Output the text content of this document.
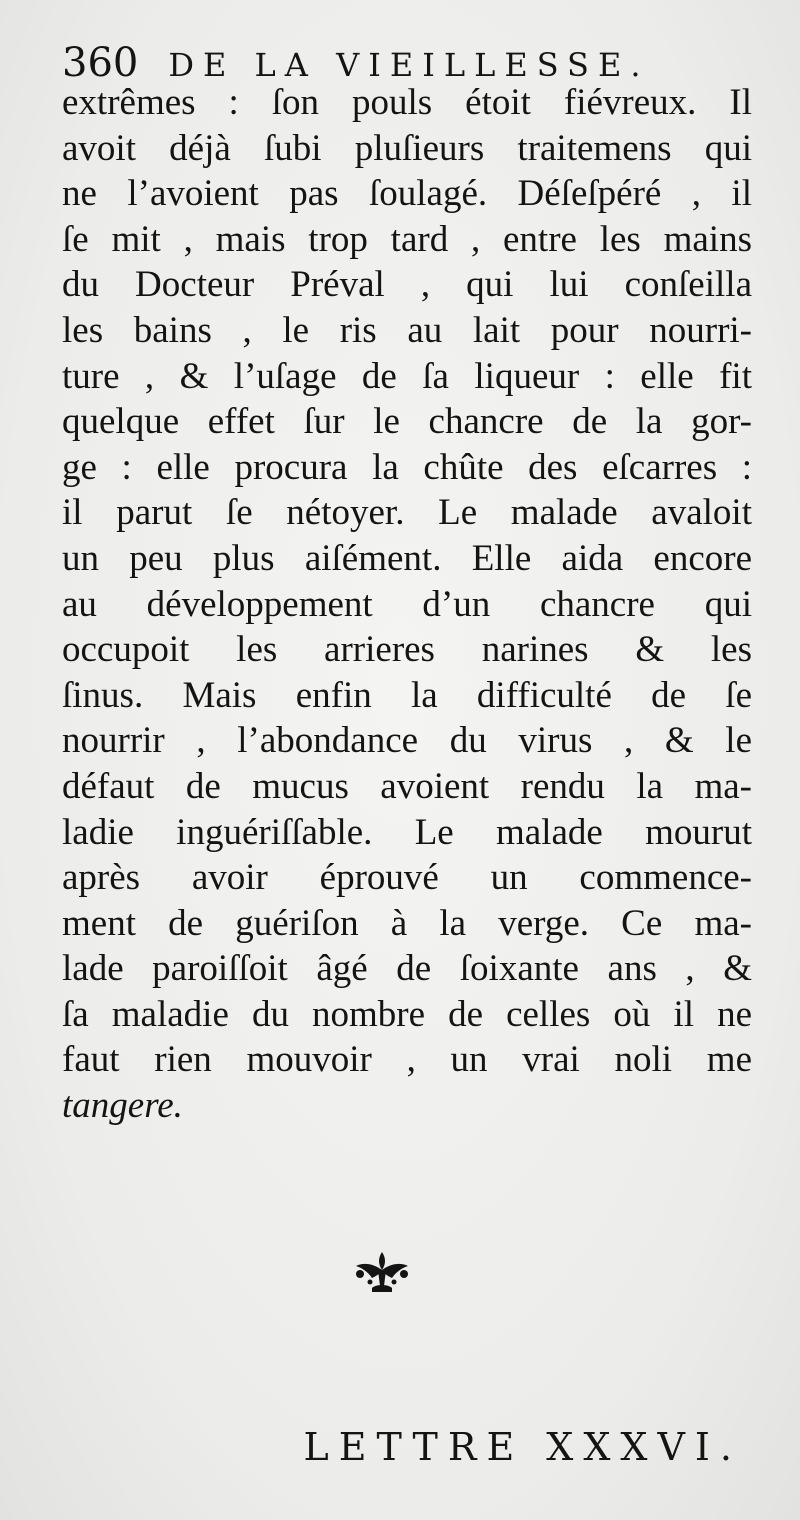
360 DE LA VIEILLESSE.
extrêmes : ſon pouls étoit fiévreux. Il
avoit déjà ſubi pluſieurs traitemens qui
ne l’avoient pas ſoulagé. Déſeſpéré , il
ſe mit , mais trop tard , entre les mains
du Docteur Préval , qui lui conſeilla
les bains , le ris au lait pour nourri-
ture , & l’uſage de ſa liqueur : elle fit
quelque effet ſur le chancre de la gor-
ge : elle procura la chûte des eſcarres :
il parut ſe nétoyer. Le malade avaloit
un peu plus aiſément. Elle aida encore
au développement d’un chancre qui
occupoit les arrieres narines & les
ſinus. Mais enfin la difficulté de ſe
nourrir , l’abondance du virus , & le
défaut de mucus avoient rendu la ma-
ladie inguériſſable. Le malade mourut
après avoir éprouvé un commence-
ment de guériſon à la verge. Ce ma-
lade paroiſſoit âgé de ſoixante ans , &
ſa maladie du nombre de celles où il ne
faut rien mouvoir , un vrai noli me
tangere.
LETTRE XXXVI.
